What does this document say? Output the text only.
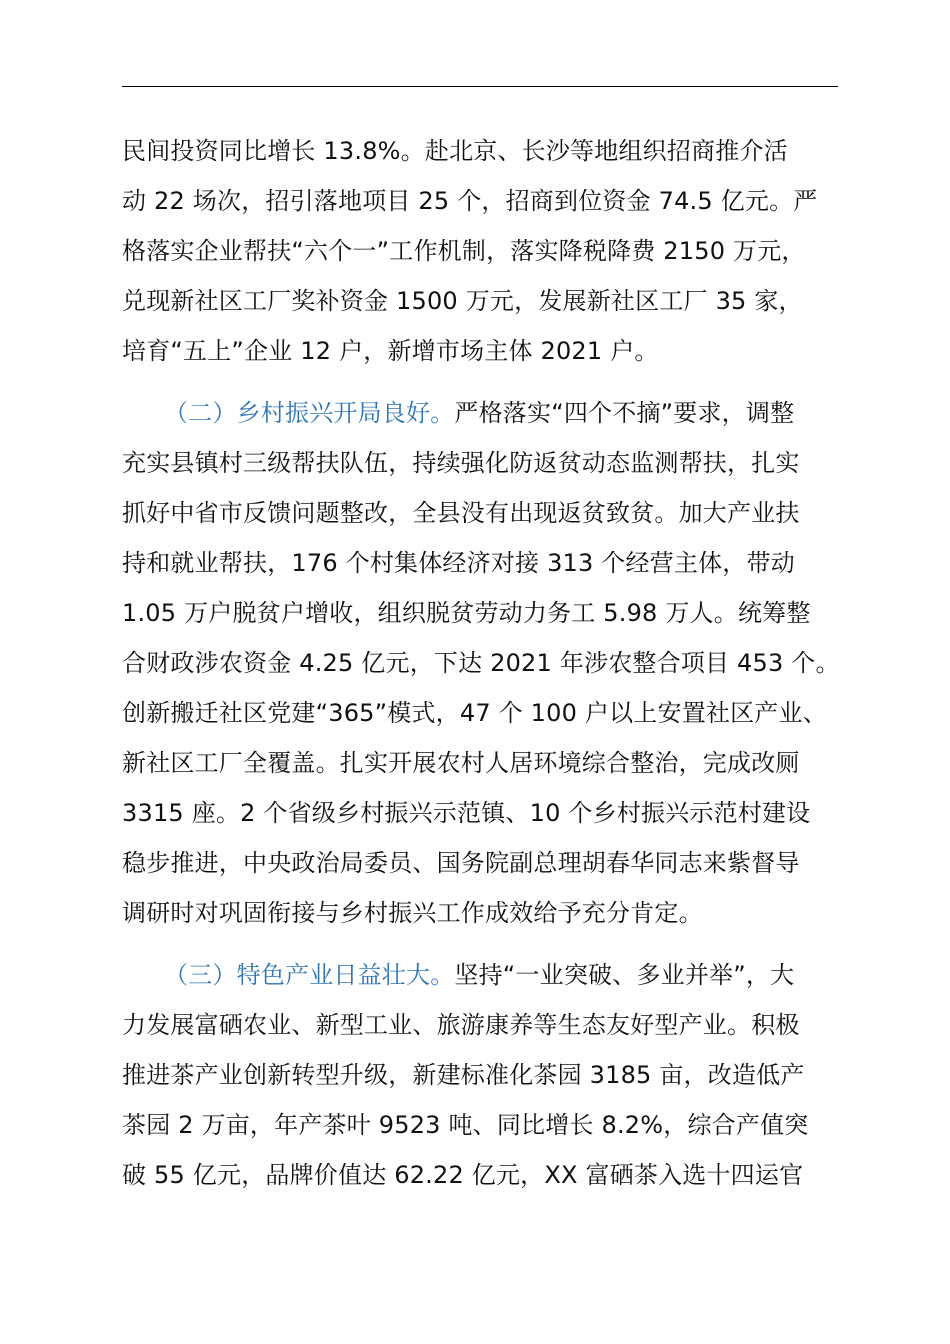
民间投资同比增长 13.8%。赴北京、长沙等地组织招商推介活
动 22 场次，招引落地项目 25 个，招商到位资金 74.5 亿元。严
格落实企业帮扶“六个一”工作机制，落实降税降费 2150 万元，
兑现新社区工厂奖补资金 1500 万元，发展新社区工厂 35 家，
培育“五上”企业 12 户，新增市场主体 2021 户。
（二）乡村振兴开局良好。严格落实“四个不摘”要求，调整
充实县镇村三级帮扶队伍，持续强化防返贫动态监测帮扶，扎实
抓好中省市反馈问题整改，全县没有出现返贫致贫。加大产业扶
持和就业帮扶，176 个村集体经济对接 313 个经营主体，带动
1.05 万户脱贫户增收，组织脱贫劳动力务工 5.98 万人。统筹整
合财政涉农资金 4.25 亿元，下达 2021 年涉农整合项目 453 个。
创新搬迁社区党建“365”模式，47 个 100 户以上安置社区产业、
新社区工厂全覆盖。扎实开展农村人居环境综合整治，完成改厕
3315 座。2 个省级乡村振兴示范镇、10 个乡村振兴示范村建设
稳步推进，中央政治局委员、国务院副总理胡春华同志来紫督导
调研时对巩固衔接与乡村振兴工作成效给予充分肯定。
（三）特色产业日益壮大。坚持“一业突破、多业并举”，大
力发展富硒农业、新型工业、旅游康养等生态友好型产业。积极
推进茶产业创新转型升级，新建标准化茶园 3185 亩，改造低产
茶园 2 万亩，年产茶叶 9523 吨、同比增长 8.2%，综合产值突
破 55 亿元，品牌价值达 62.22 亿元，XX 富硒茶入选十四运官
